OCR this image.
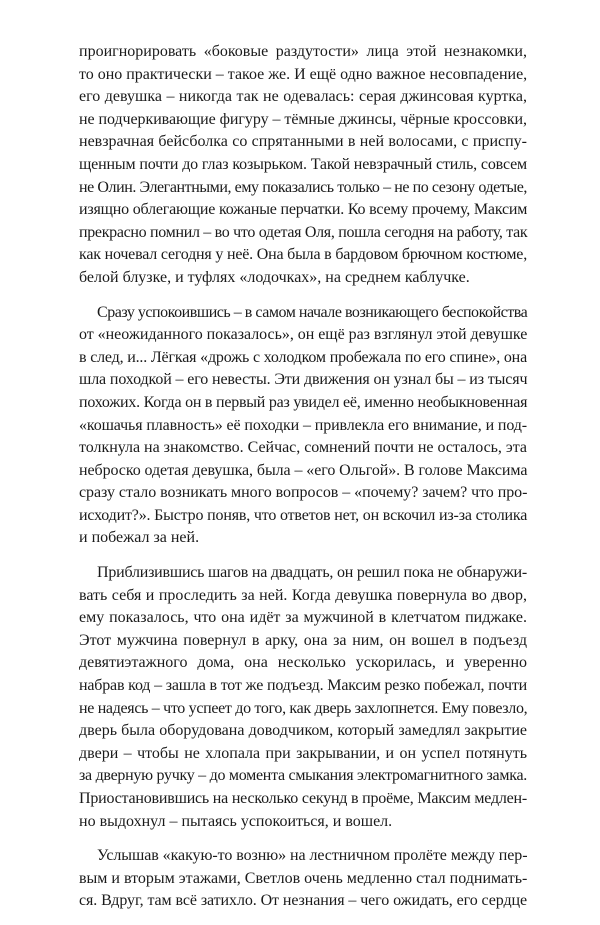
проигнорировать «боковые раздутости» лица этой незнакомки,
то оно практически – такое же. И ещё одно важное несовпадение,
его девушка – никогда так не одевалась: серая джинсовая куртка,
не подчеркивающие фигуру – тёмные джинсы, чёрные кроссовки,
невзрачная бейсболка со спрятанными в ней волосами, с приспу-
щенным почти до глаз козырьком. Такой невзрачный стиль, совсем
не Олин. Элегантными, ему показались только – не по сезону одетые,
изящно облегающие кожаные перчатки. Ко всему прочему, Максим
прекрасно помнил – во что одетая Оля, пошла сегодня на работу, так
как ночевал сегодня у неё. Она была в бардовом брючном костюме,
белой блузке, и туфлях «лодочках», на среднем каблучке.
Сразу успокоившись – в самом начале возникающего беспокойства
от «неожиданного показалось», он ещё раз взглянул этой девушке
в след, и... Лёгкая «дрожь с холодком пробежала по его спине», она
шла походкой – его невесты. Эти движения он узнал бы – из тысяч
похожих. Когда он в первый раз увидел её, именно необыкновенная
«кошачья плавность» её походки – привлекла его внимание, и под-
толкнула на знакомство. Сейчас, сомнений почти не осталось, эта
неброско одетая девушка, была – «его Ольгой». В голове Максима
сразу стало возникать много вопросов – «почему? зачем? что про-
исходит?». Быстро поняв, что ответов нет, он вскочил из-за столика
и побежал за ней.
Приблизившись шагов на двадцать, он решил пока не обнаружи-
вать себя и проследить за ней. Когда девушка повернула во двор,
ему показалось, что она идёт за мужчиной в клетчатом пиджаке.
Этот мужчина повернул в арку, она за ним, он вошел в подъезд
девятиэтажного дома, она несколько ускорилась, и уверенно
набрав код – зашла в тот же подъезд. Максим резко побежал, почти
не надеясь – что успеет до того, как дверь захлопнется. Ему повезло,
дверь была оборудована доводчиком, который замедлял закрытие
двери – чтобы не хлопала при закрывании, и он успел потянуть
за дверную ручку – до момента смыкания электромагнитного замка.
Приостановившись на несколько секунд в проёме, Максим медлен-
но выдохнул – пытаясь успокоиться, и вошел.
Услышав «какую-то возню» на лестничном пролёте между пер-
вым и вторым этажами, Светлов очень медленно стал поднимать-
ся. Вдруг, там всё затихло. От незнания – чего ожидать, его сердце
